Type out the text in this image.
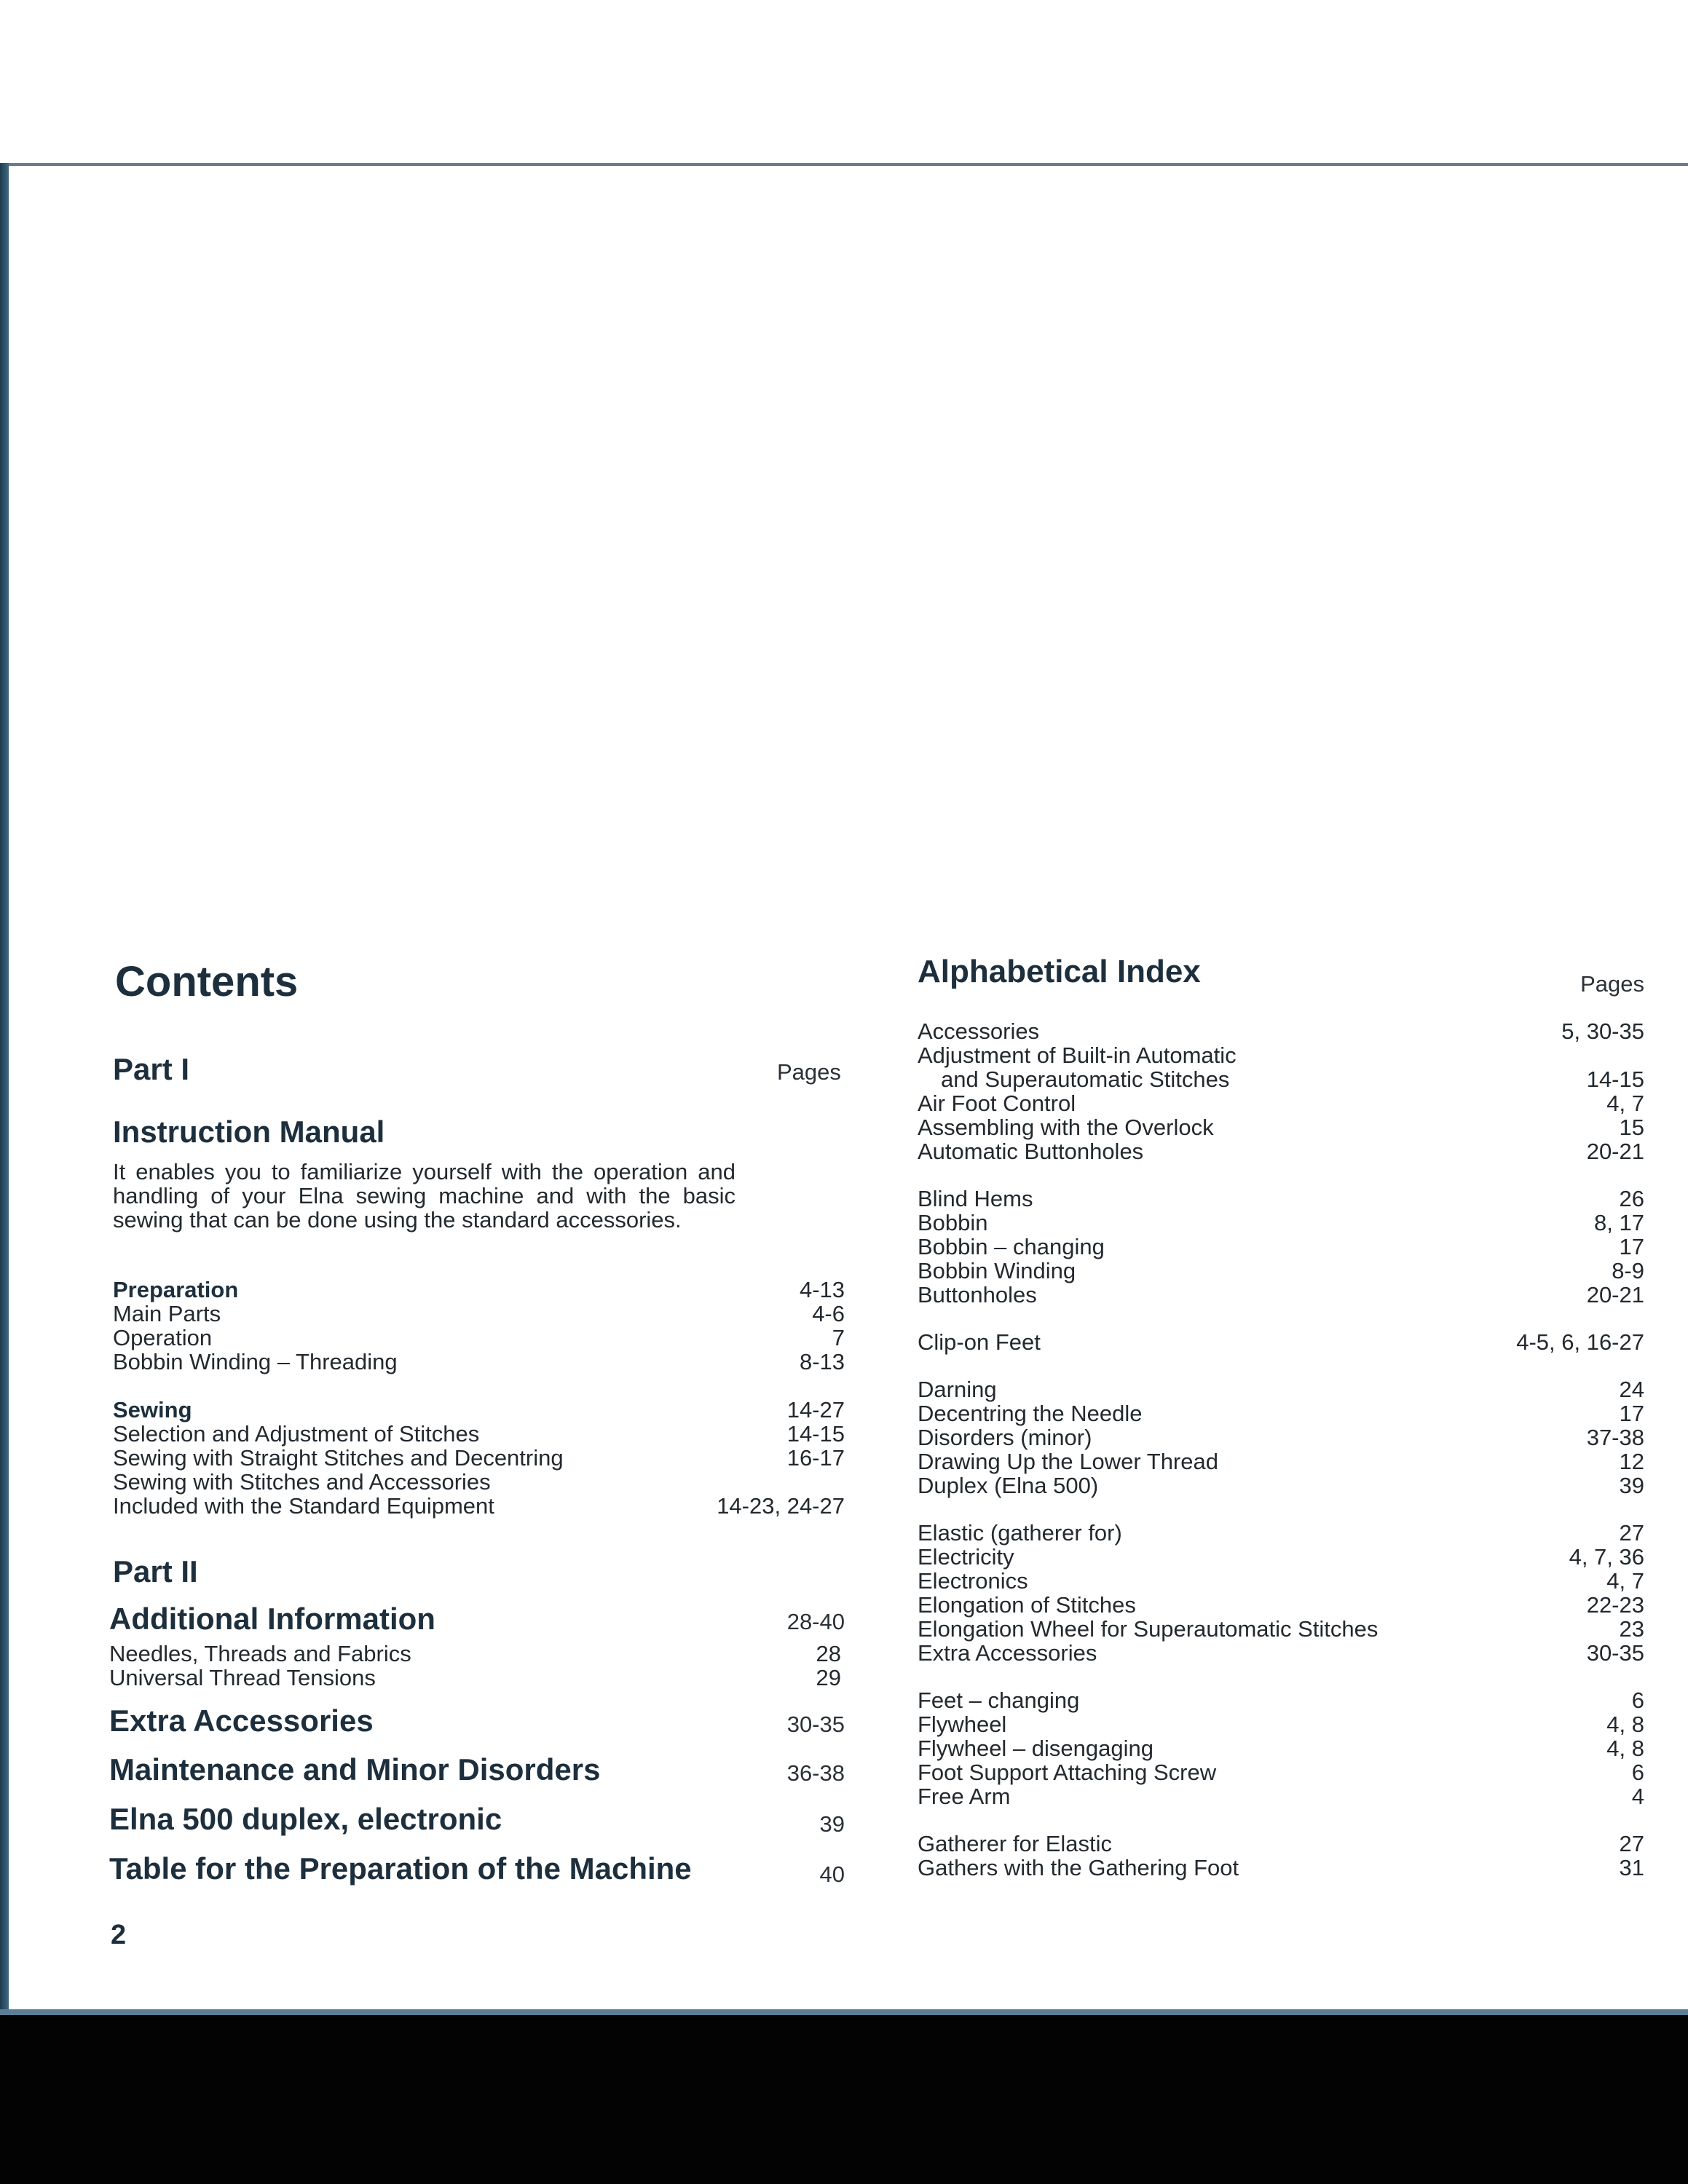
Contents
Part I	Pages
Instruction Manual
It enables you to familiarize yourself with the operation and handling of your Elna sewing machine and with the basic sewing that can be done using the standard accessories.
Preparation	4-13
Main Parts	4-6
Operation	7
Bobbin Winding – Threading	8-13
Sewing	14-27
Selection and Adjustment of Stitches	14-15
Sewing with Straight Stitches and Decentring	16-17
Sewing with Stitches and Accessories
Included with the Standard Equipment	14-23, 24-27
Part II
Additional Information	28-40
Needles, Threads and Fabrics	28
Universal Thread Tensions	29
Extra Accessories	30-35
Maintenance and Minor Disorders	36-38
Elna 500 duplex, electronic	39
Table for the Preparation of the Machine	40
2
Alphabetical Index	Pages
Accessories	5, 30-35
Adjustment of Built-in Automatic
and Superautomatic Stitches	14-15
Air Foot Control	4, 7
Assembling with the Overlock	15
Automatic Buttonholes	20-21
Blind Hems	26
Bobbin	8, 17
Bobbin – changing	17
Bobbin Winding	8-9
Buttonholes	20-21
Clip-on Feet	4-5, 6, 16-27
Darning	24
Decentring the Needle	17
Disorders (minor)	37-38
Drawing Up the Lower Thread	12
Duplex (Elna 500)	39
Elastic (gatherer for)	27
Electricity	4, 7, 36
Electronics	4, 7
Elongation of Stitches	22-23
Elongation Wheel for Superautomatic Stitches	23
Extra Accessories	30-35
Feet – changing	6
Flywheel	4, 8
Flywheel – disengaging	4, 8
Foot Support Attaching Screw	6
Free Arm	4
Gatherer for Elastic	27
Gathers with the Gathering Foot	31
